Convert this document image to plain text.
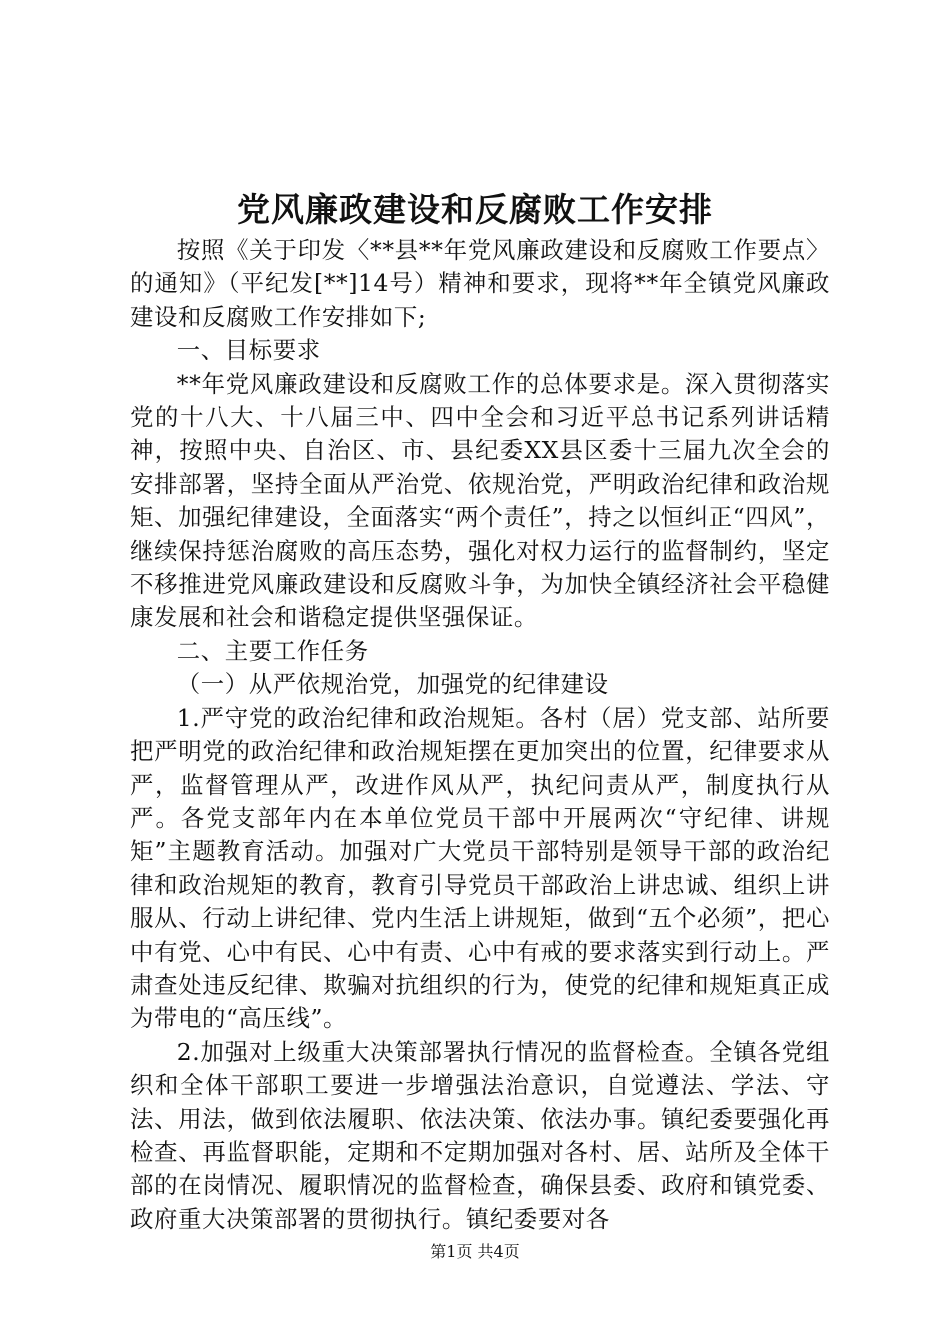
党风廉政建设和反腐败工作安排

按照《关于印发〈**县**年党风廉政建设和反腐败工作要点〉的通知》（平纪发[**]14号）精神和要求，现将**年全镇党风廉政建设和反腐败工作安排如下;

一、目标要求

**年党风廉政建设和反腐败工作的总体要求是。深入贯彻落实党的十八大、十八届三中、四中全会和习近平总书记系列讲话精神，按照中央、自治区、市、县纪委XX县区委十三届九次全会的安排部署，坚持全面从严治党、依规治党，严明政治纪律和政治规矩、加强纪律建设，全面落实“两个责任”，持之以恒纠正“四风”，继续保持惩治腐败的高压态势，强化对权力运行的监督制约，坚定不移推进党风廉政建设和反腐败斗争，为加快全镇经济社会平稳健康发展和社会和谐稳定提供坚强保证。

二、主要工作任务

（一）从严依规治党，加强党的纪律建设

1.严守党的政治纪律和政治规矩。各村（居）党支部、站所要把严明党的政治纪律和政治规矩摆在更加突出的位置，纪律要求从严，监督管理从严，改进作风从严，执纪问责从严，制度执行从严。各党支部年内在本单位党员干部中开展两次“守纪律、讲规矩”主题教育活动。加强对广大党员干部特别是领导干部的政治纪律和政治规矩的教育，教育引导党员干部政治上讲忠诚、组织上讲服从、行动上讲纪律、党内生活上讲规矩，做到“五个必须”，把心中有党、心中有民、心中有责、心中有戒的要求落实到行动上。严肃查处违反纪律、欺骗对抗组织的行为，使党的纪律和规矩真正成为带电的“高压线”。

2.加强对上级重大决策部署执行情况的监督检查。全镇各党组织和全体干部职工要进一步增强法治意识，自觉遵法、学法、守法、用法，做到依法履职、依法决策、依法办事。镇纪委要强化再检查、再监督职能，定期和不定期加强对各村、居、站所及全体干部的在岗情况、履职情况的监督检查，确保县委、政府和镇党委、政府重大决策部署的贯彻执行。镇纪委要对各

第1页 共4页
